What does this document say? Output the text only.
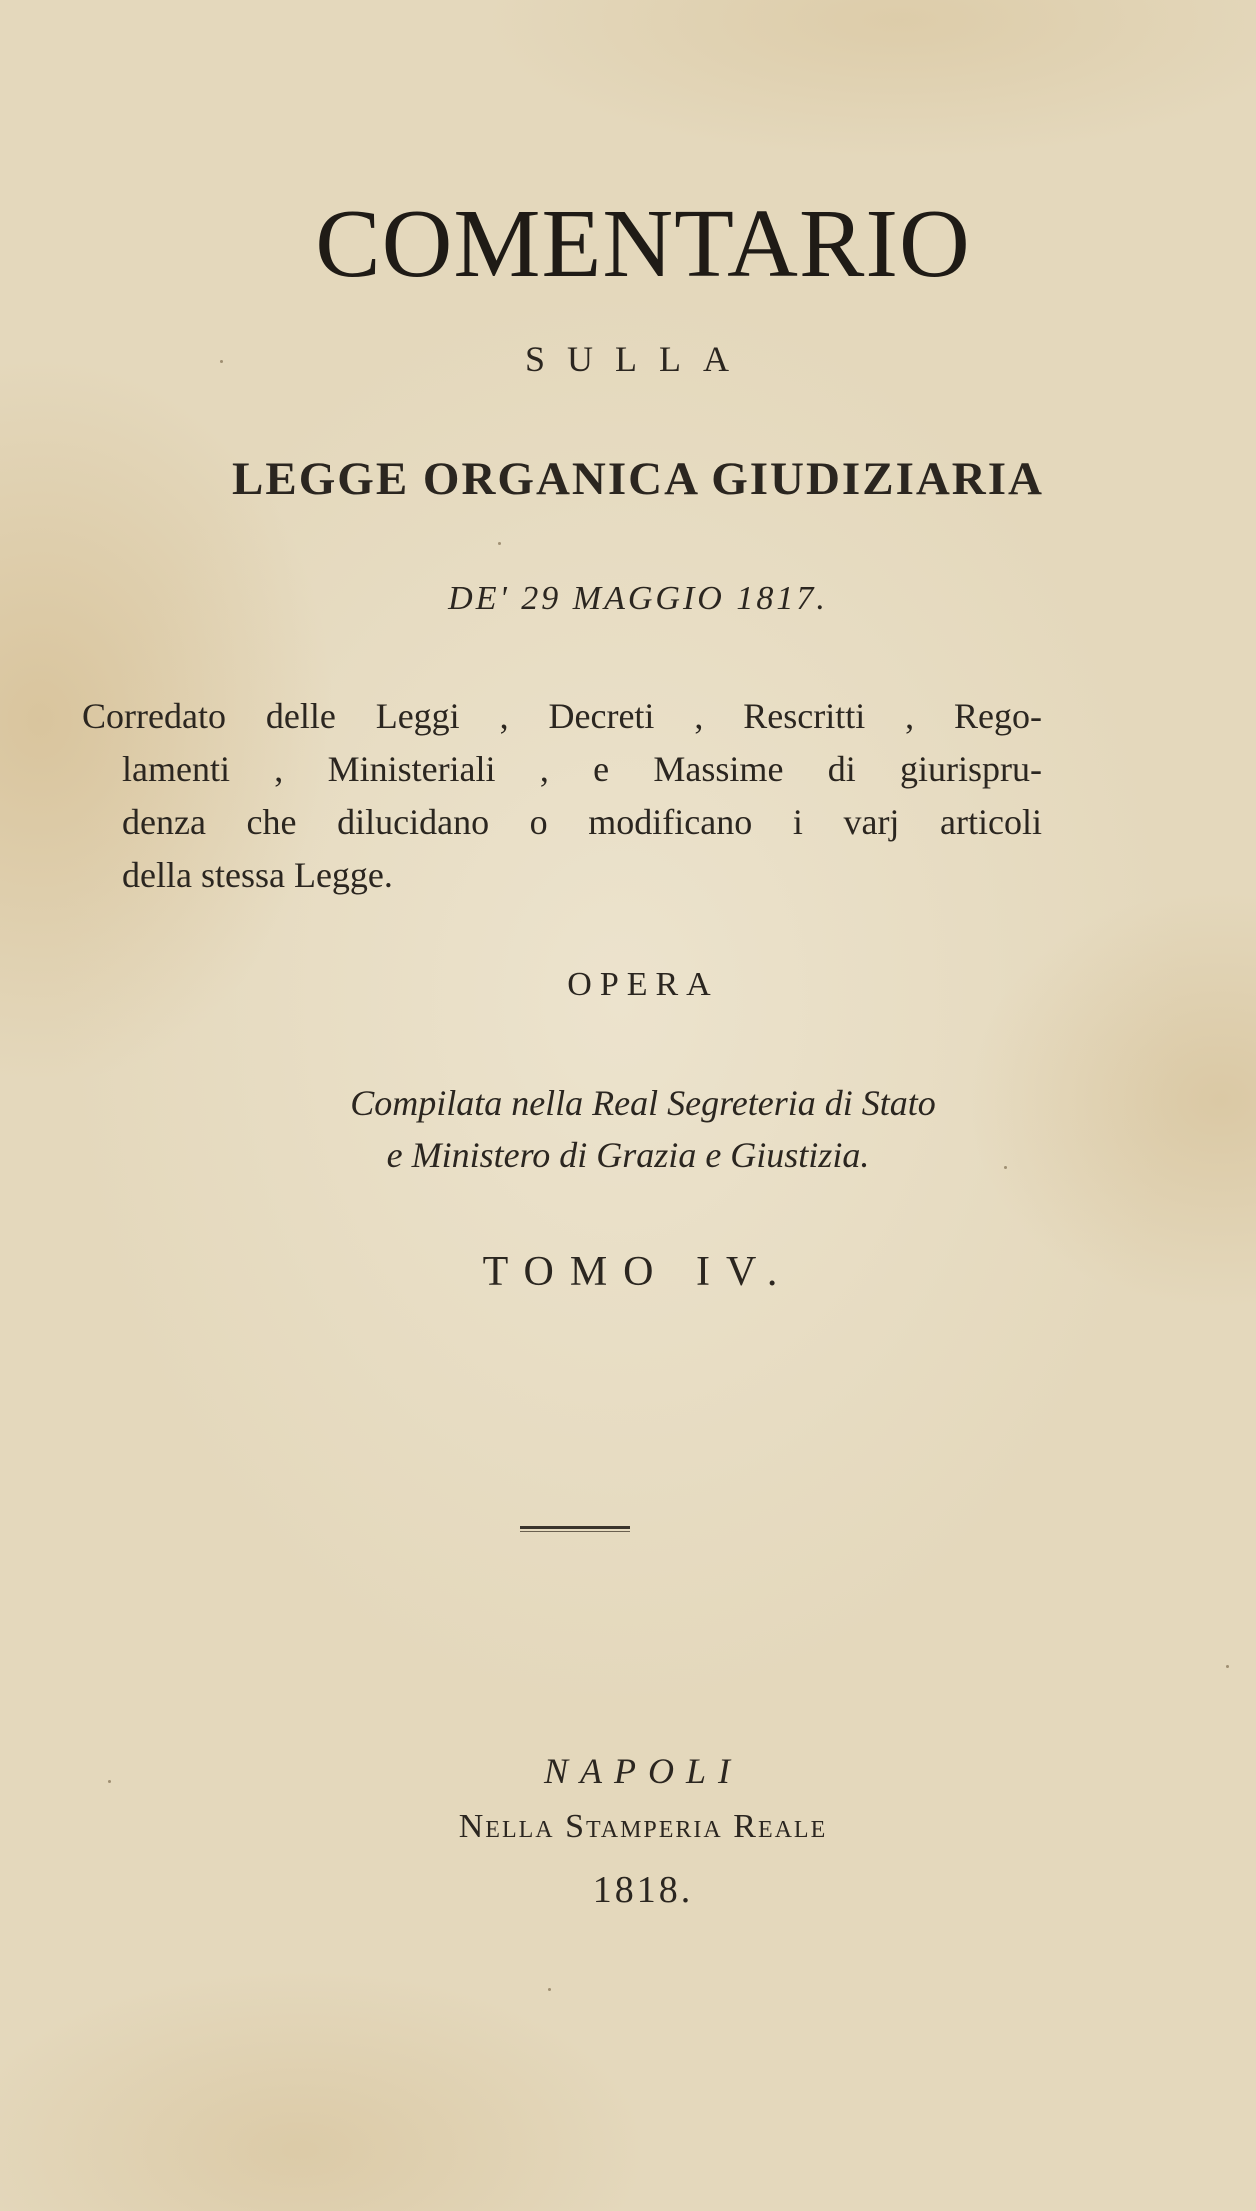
COMENTARIO
SULLA
LEGGE ORGANICA GIUDIZIARIA
DE' 29 MAGGIO 1817.
Corredato delle Leggi , Decreti , Rescritti , Rego-
lamenti , Ministeriali , e Massime di giurispru-
denza che dilucidano o modificano i varj articoli
della stessa Legge.
OPERA
Compilata nella Real Segreteria di Stato
e Ministero di Grazia e Giustizia.
TOMO IV.
NAPOLI
Nella Stamperia Reale
1818.
